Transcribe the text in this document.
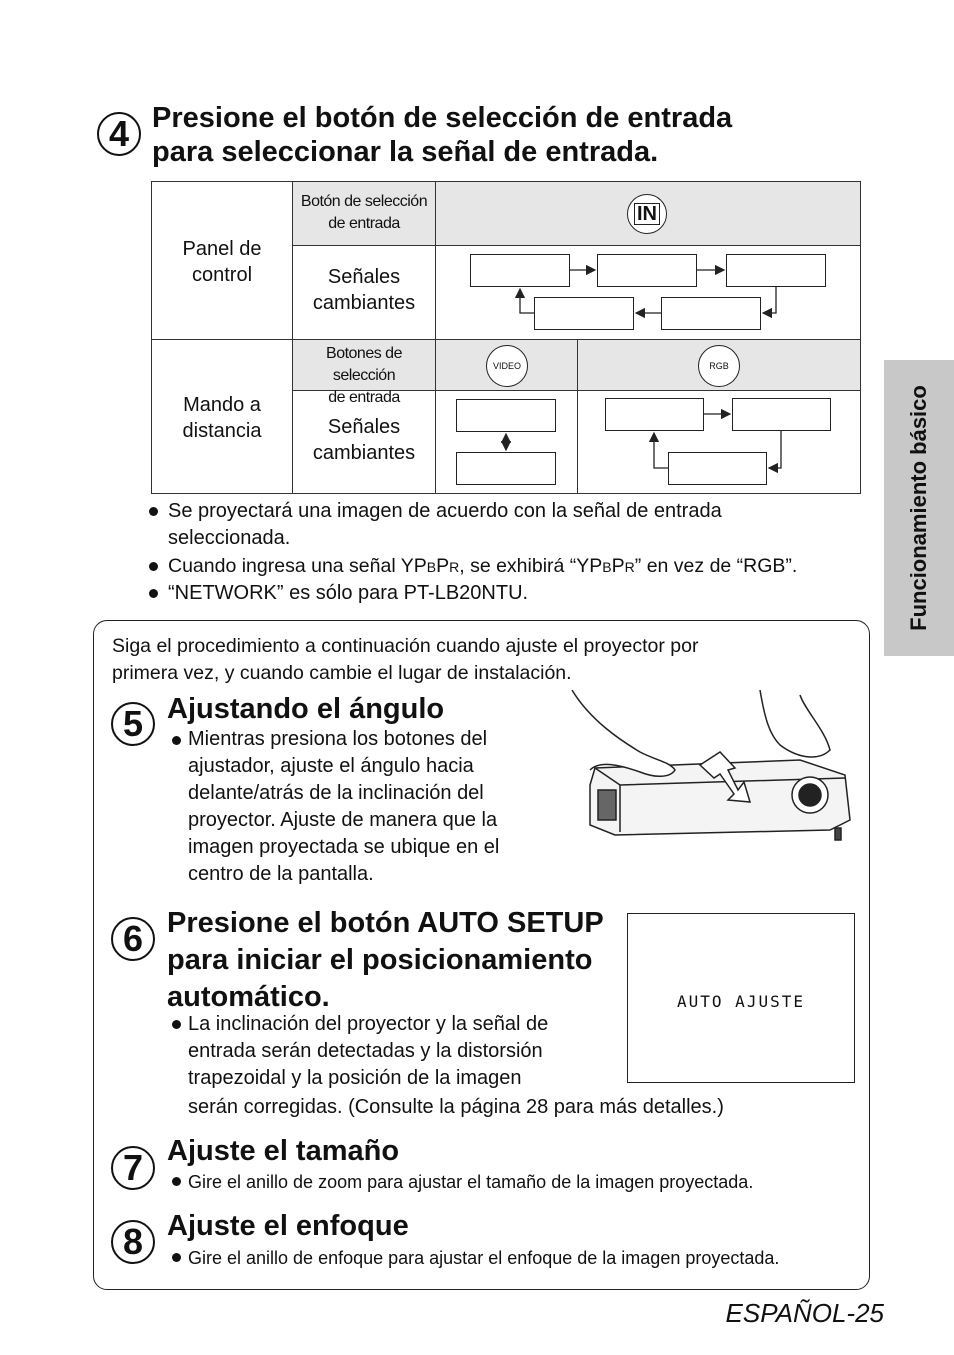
4 Presione el botón de selección de entrada
para seleccionar la señal de entrada.
Panel de
control
Botón de selección
de entrada
Señales
cambiantes
Mando a
distancia
Botones de selección
de entrada
Señales
cambiantes
IN
VIDEO	RGB
Se proyectará una imagen de acuerdo con la señal de entrada
seleccionada.
Cuando ingresa una señal YPBPR, se exhibirá “YPBPR” en vez de “RGB”.
“NETWORK” es sólo para PT-LB20NTU.	Funcionamiento básico
Siga el procedimiento a continuación cuando ajuste el proyector por
primera vez, y cuando cambie el lugar de instalación.
5 Ajustando el ángulo
Mientras presiona los botones del
ajustador, ajuste el ángulo hacia
delante/atrás de la inclinación del
proyector. Ajuste de manera que la
imagen proyectada se ubique en el
centro de la pantalla.
6 Presione el botón AUTO SETUP
para iniciar el posicionamiento
automático.
La inclinación del proyector y la señal de
entrada serán detectadas y la distorsión
trapezoidal y la posición de la imagen
serán corregidas. (Consulte la página 28 para más detalles.)
AUTO AJUSTE
7 Ajuste el tamaño
Gire el anillo de zoom para ajustar el tamaño de la imagen proyectada.
8 Ajuste el enfoque
Gire el anillo de enfoque para ajustar el enfoque de la imagen proyectada.
ESPAÑOL-25
